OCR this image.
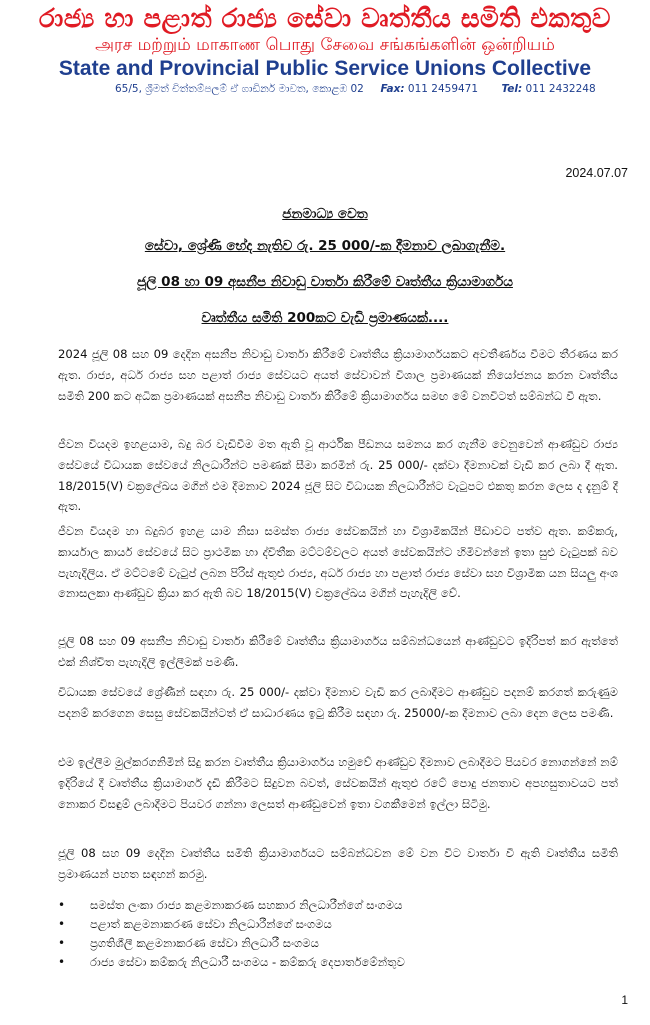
රාජ්‍ය හා පළාත් රාජ්‍ය සේවා වෘත්තීය සමිති එකතුව
அரச மற்றும் மாகாண பொது சேவை சங்கங்களின் ஒன்றியம்
State and Provincial Public Service Unions Collective
65/5, ශ්‍රීමත් චිත්තම්පලම් ඒ ගාඩිනර් මාවත, කොළඹ 02 Fax: 011 2459471 Tel: 011 2432248
2024.07.07
ජනමාධ්‍ය වෙත
සේවා, ශ්‍රේණි භේද නැතිව රු. 25 000/-ක දීමනාව ලබාගැනීම.
ජූලි 08 හා 09 අසනීප නිවාඩු වාර්තා කිරීමේ වෘත්තීය ක්‍රියාමාර්ගය
වෘත්තීය සමිති 200කට වැඩි ප්‍රමාණයක්....
2024 ජූලි 08 සහ 09 දෙදින අසනීප නිවාඩු වාර්තා කිරීමේ වෘත්තීය ක්‍රියාමාර්ගයකට අවතීර්ණය වීමට තීරණය කර ඇත. රාජ්‍ය, අර්ධ රාජ්‍ය සහ පළාත් රාජ්‍ය සේවයට අයත් සේවාවන් විශාල ප්‍රමාණයක් නියෝජනය කරන වෘත්තීය සමිති 200 කට අධික ප්‍රමාණයක් අසනීප නිවාඩු වාර්තා කිරීමේ ක්‍රියාමාර්ගය සමඟ මේ වනවිටත් සම්බන්ධ වී ඇත.
ජීවන වියදම ඉහළයාම, බදු බර වැඩිවීම මත ඇති වූ ආර්ථික පීඩනය සමනය කර ගැනීම වෙනුවෙන් ආණ්ඩුව රාජ්‍ය සේවයේ විධායක සේවයේ නිලධාරීන්ට පමණක් සීමා කරමින් රු. 25 000/- දක්වා දීමනාවක් වැඩි කර ලබා දී ඇත. 18/2015(V) චක්‍රලේඛය මගින් එම දීමනාව 2024 ජූලි සිට විධායක නිලධාරීන්ට වැටුපට එකතු කරන ලෙස ද දැනුම් දී ඇත.
ජීවන වියදම හා බදුබර ඉහළ යාම නිසා සමස්ත රාජ්‍ය සේවකයින් හා විශ්‍රාමිකයින් පීඩාවට පත්ව ඇත. කම්කරු, කාර්යාල කාර්ය සේවයේ සිට ප්‍රාථමික හා ද්විතීක මට්ටම්වලට අයත් සේවකයින්ට හිමිවන්නේ ඉතා සුළු වැටුපක් බව පැහැදිලිය. ඒ මට්ටමේ වැටුප් ලබන පිරිස් ඇතුළු රාජ්‍ය, අර්ධ රාජ්‍ය හා පළාත් රාජ්‍ය සේවා සහ විශ්‍රාමික යන සියලු අංශ නොසලකා ආණ්ඩුව ක්‍රියා කර ඇති බව 18/2015(V) චක්‍රලේඛය මගින් පැහැදිලි වේ.
ජූලි 08 සහ 09 අසනීප නිවාඩු වාර්තා කිරීමේ වෘත්තීය ක්‍රියාමාර්ගය සම්බන්ධයෙන් ආණ්ඩුවට ඉදිරිපත් කර ඇත්තේ එක් නිශ්චිත පැහැදිලි ඉල්ලීමක් පමණි.
විධායක සේවයේ ශ්‍රේණීන් සඳහා රු. 25 000/- දක්වා දීමනාව වැඩි කර ලබාදීමට ආණ්ඩුව පදනම් කරගත් කරුණුම පදනම් කරගෙන සෙසු සේවකයින්ටත් ඒ සාධාරණය ඉටු කිරීම සඳහා රු. 25000/-ක දීමනාව ලබා දෙන ලෙස පමණි.
එම ඉල්ලීම මුල්කරගනිමින් සිදු කරන වෘත්තීය ක්‍රියාමාර්ගය හමුවේ ආණ්ඩුව දීමනාව ලබාදීමට පියවර නොගන්නේ නම් ඉදිරියේ දී වෘත්තීය ක්‍රියාමාර්ග දැඩි කිරීමට සිදුවන බවත්, සේවකයින් ඇතුළු රටේ පොදු ජනතාව අපහසුතාවයට පත් නොකර විසඳුම් ලබාදීමට පියවර ගන්නා ලෙසත් ආණ්ඩුවෙන් ඉතා වගකීමෙන් ඉල්ලා සිටිමු.
ජූලි 08 සහ 09 දෙදින වෘත්තීය සමිති ක්‍රියාමාර්ගයට සම්බන්ධවන මේ වන විට වාර්තා වී ඇති වෘත්තීය සමිති ප්‍රමාණයන් පහත සඳහන් කරමු.
• සමස්ත ලංකා රාජ්‍ය කළමනාකරණ සහකාර නිලධාරීන්ගේ සංගමය
• පළාත් කළමනාකරණ සේවා නිලධාරීන්ගේ සංගමය
• ප්‍රගතිශීලී කළමනාකරණ සේවා නිලධාරී සංගමය
• රාජ්‍ය සේවා කම්කරු නිලධාරී සංගමය - කම්කරු දෙපාර්තමේන්තුව
1
